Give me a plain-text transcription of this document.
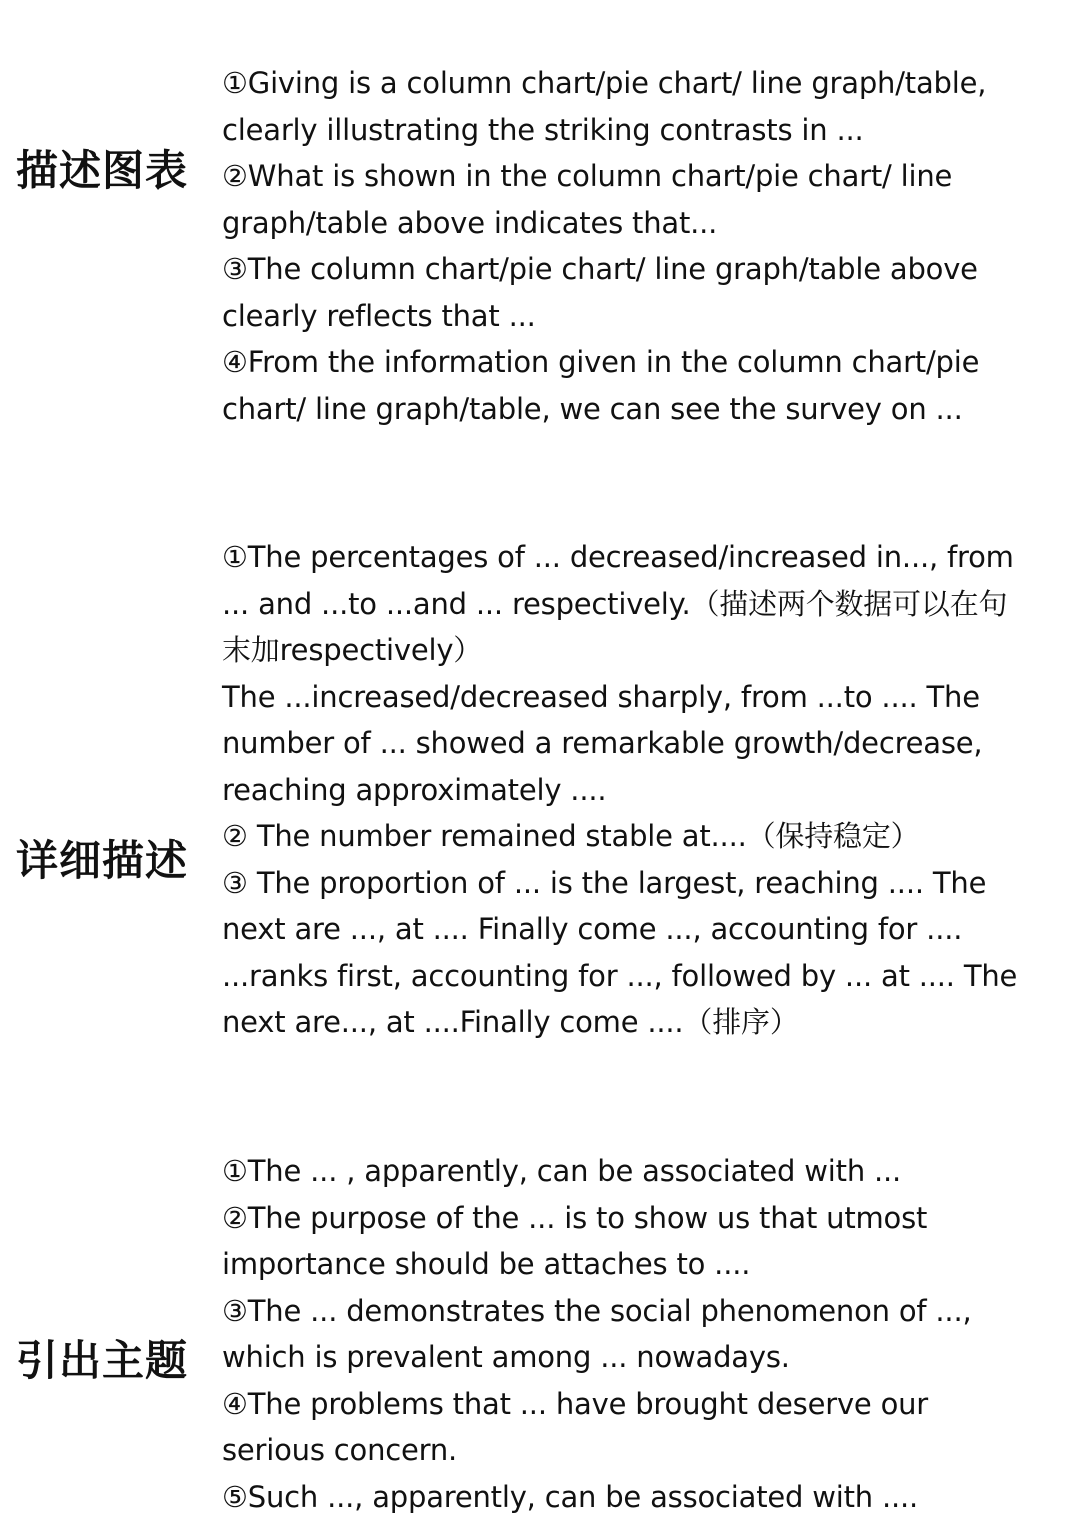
描述图表
①Giving is a column chart/pie chart/ line graph/table,
clearly illustrating the striking contrasts in ...
②What is shown in the column chart/pie chart/ line
graph/table above indicates that...
③The column chart/pie chart/ line graph/table above
clearly reflects that ...
④From the information given in the column chart/pie
chart/ line graph/table, we can see the survey on ...
详细描述
①The percentages of ... decreased/increased in..., from
... and ...to ...and ... respectively.（描述两个数据可以在句
末加respectively）
The ...increased/decreased sharply, from ...to .... The
number of ... showed a remarkable growth/decrease,
reaching approximately ....
② The number remained stable at....（保持稳定）
③ The proportion of ... is the largest, reaching .... The
next are ..., at .... Finally come ..., accounting for ....
...ranks first, accounting for ..., followed by ... at .... The
next are..., at ....Finally come ....（排序）
引出主题
①The ... , apparently, can be associated with ...
②The purpose of the ... is to show us that utmost
importance should be attaches to ....
③The ... demonstrates the social phenomenon of ...,
which is prevalent among ... nowadays.
④The problems that ... have brought deserve our
serious concern.
⑤Such ..., apparently, can be associated with ....
